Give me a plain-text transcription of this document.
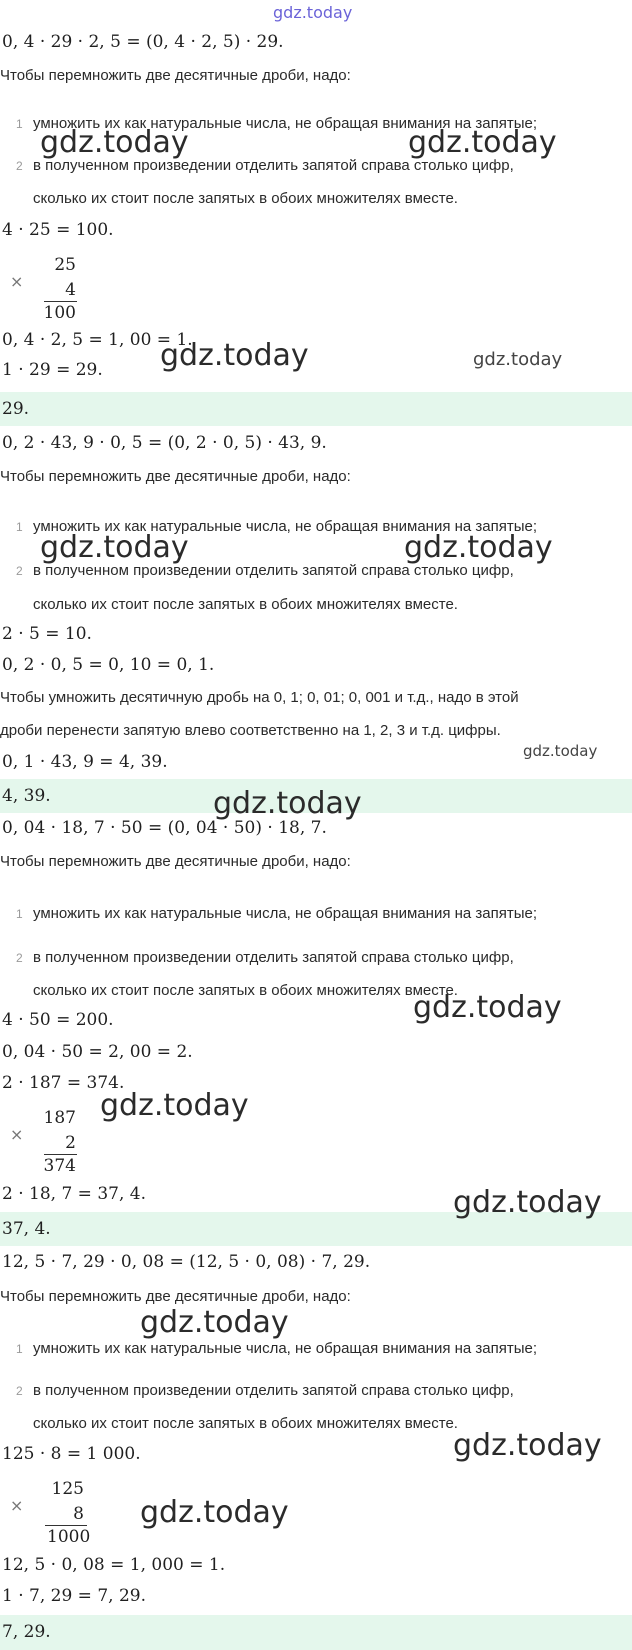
gdz.today
0, 4 · 29 · 2, 5 = (0, 4 · 2, 5) · 29.
Чтобы перемножить две десятичные дроби, надо:
1 умножить их как натуральные числа, не обращая внимания на запятые;
2 в полученном произведении отделить запятой справа столько цифр,
сколько их стоит после запятых в обоих множителях вместе.
4 · 25 = 100.
×
25
4
100
0, 4 · 2, 5 = 1, 00 = 1.
1 · 29 = 29.
29.
0, 2 · 43, 9 · 0, 5 = (0, 2 · 0, 5) · 43, 9.
Чтобы перемножить две десятичные дроби, надо:
1 умножить их как натуральные числа, не обращая внимания на запятые;
2 в полученном произведении отделить запятой справа столько цифр,
сколько их стоит после запятых в обоих множителях вместе.
2 · 5 = 10.
0, 2 · 0, 5 = 0, 10 = 0, 1.
Чтобы умножить десятичную дробь на 0, 1; 0, 01; 0, 001 и т.д., надо в этой
дроби перенести запятую влево соответственно на 1, 2, 3 и т.д. цифры.
0, 1 · 43, 9 = 4, 39.
4, 39.
0, 04 · 18, 7 · 50 = (0, 04 · 50) · 18, 7.
Чтобы перемножить две десятичные дроби, надо:
1 умножить их как натуральные числа, не обращая внимания на запятые;
2 в полученном произведении отделить запятой справа столько цифр,
сколько их стоит после запятых в обоих множителях вместе.
4 · 50 = 200.
0, 04 · 50 = 2, 00 = 2.
2 · 187 = 374.
×
187
2
374
2 · 18, 7 = 37, 4.
37, 4.
12, 5 · 7, 29 · 0, 08 = (12, 5 · 0, 08) · 7, 29.
Чтобы перемножить две десятичные дроби, надо:
1 умножить их как натуральные числа, не обращая внимания на запятые;
2 в полученном произведении отделить запятой справа столько цифр,
сколько их стоит после запятых в обоих множителях вместе.
125 · 8 = 1 000.
×
125
8
1000
12, 5 · 0, 08 = 1, 000 = 1.
1 · 7, 29 = 7, 29.
7, 29.
gdz.today	gdz.today
gdz.today	gdz.today
gdz.today	gdz.today
gdz.today
gdz.today
gdz.today
gdz.today
gdz.today
gdz.today
gdz.today
gdz.today
